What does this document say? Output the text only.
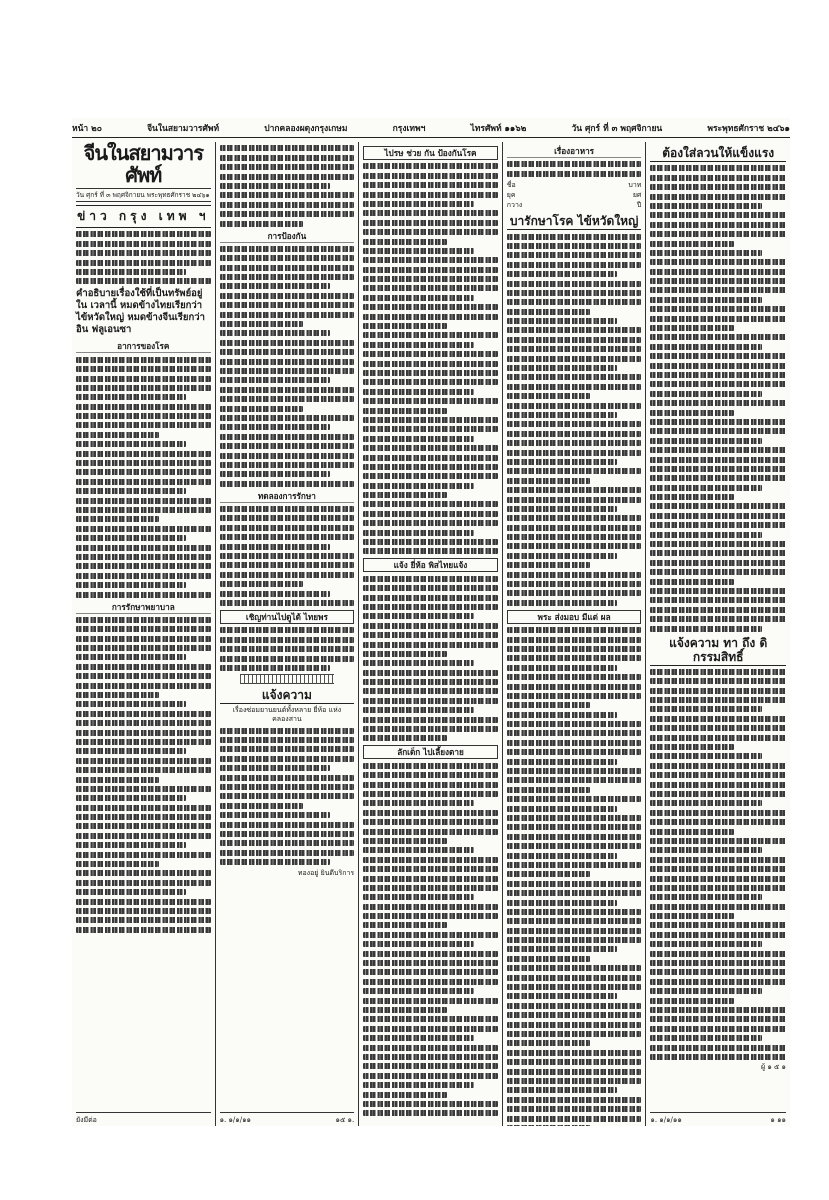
หน้า ๒๐	จีนในสยามวารศัพท์	ปากคลองผดุงกรุงเกษม	กรุงเทพฯ	ไทรศัพท์ ๑๑๖๒	วัน ศุกร์ ที่ ๓ พฤศจิกายน	พระพุทธศักราช ๒๔๖๑
จีนในสยามวารศัพท์
วัน ศุกร์ ที่ ๓ พฤศจิกายน พระพุทธศักราช ๒๔๖๑
ข่าว กรุง เทพ ฯ
คำอธิบายเรื่องใช้ที่เป็นทรัพย์อยู่ ใน เวลานี้ หมดข้างไทยเรียกว่า ไข้หวัดใหญ่ หมดข้างจีนเรียกว่า อิน ฟลูเอนซา
อาการของโรค
การรักษาพยาบาล
ยังมีต่อ
การป้องกัน
ทดลองการรักษา
เชิญท่านไปดูได้ ไทยพร
แจ้งความ
เรื่องซ่อมยานยนต์ทั้งหลาย ยี่ห้อ แห่งคลองสาน
ทองอยู่ ยินดีบริการ
๑. ๑/๑/๑๑	๑๕ ๑.
ไปรษ ช่วย กัน ป้องกันโรค
แจ้ง ยี่ห้อ พิสไทยแจ้ง
ลักเด็ก ไปเลี้ยงตาย
เรื่องอาหาร
ชื่อ	บาท
ยุค	ยศ
กวาง	ปี
บารักษาโรค ไข้หวัดใหญ่
พระ ส่งมอบ มีแต่ ผล
ต้องใส่ลวนให้แข็งแรง
แจ้งความ ทา ถึง ดิ กรรมสิทธิ์
ผู้ ๑ ๕ ๑
๑. ๑/๑/๑๑	๑ ๑๑
